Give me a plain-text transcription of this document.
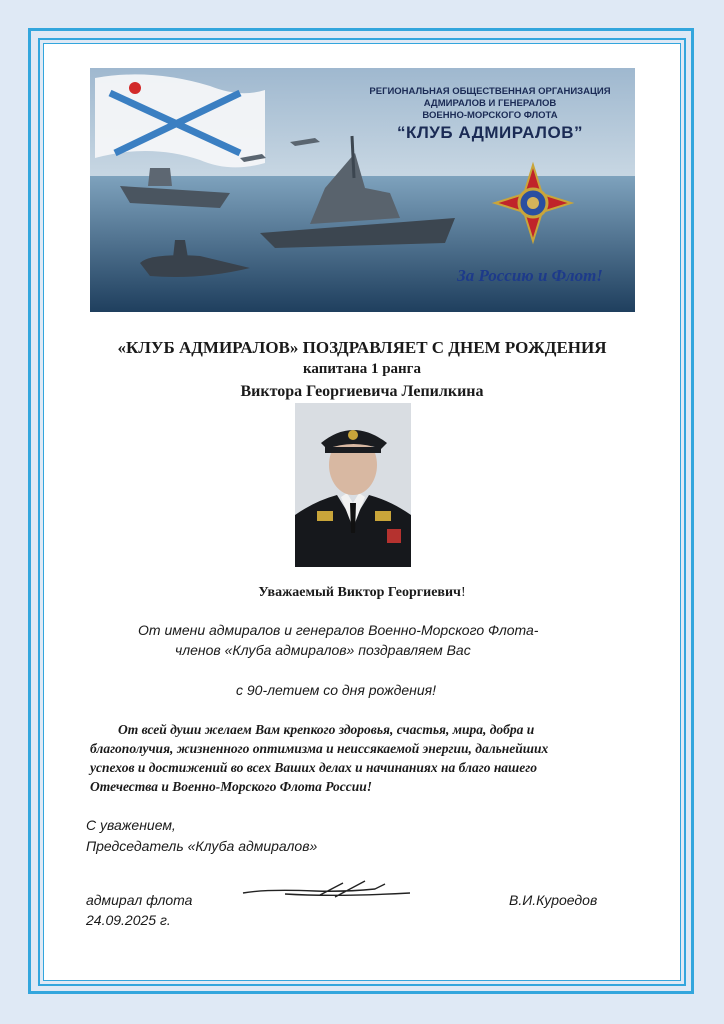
РЕГИОНАЛЬНАЯ ОБЩЕСТВЕННАЯ ОРГАНИЗАЦИЯ
АДМИРАЛОВ И ГЕНЕРАЛОВ
ВОЕННО-МОРСКОГО ФЛОТА
“КЛУБ АДМИРАЛОВ”
За Россию и Флот!
«КЛУБ АДМИРАЛОВ» ПОЗДРАВЛЯЕТ С ДНЕМ РОЖДЕНИЯ
капитана 1 ранга
Виктора Георгиевича Лепилкина
Уважаемый Виктор Георгиевич!
От имени адмиралов и генералов Военно-Морского Флота-
членов «Клуба адмиралов» поздравляем Вас
с 90-летием со дня рождения!
От всей души желаем Вам крепкого здоровья, счастья, мира, добра и
благополучия, жизненного оптимизма и неиссякаемой энергии, дальнейших
успехов и достижений во всех Ваших делах и начинаниях на благо нашего
Отечества и Военно-Морского Флота России!
С уважением,
Председатель «Клуба адмиралов»
адмирал флота	В.И.Куроедов
24.09.2025 г.
